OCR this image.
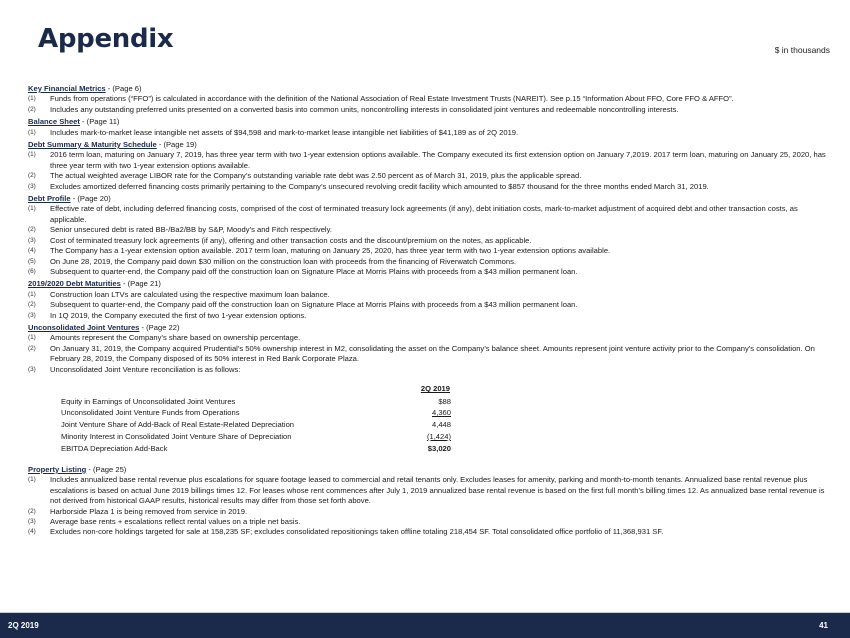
Appendix	$ in thousands
Key Financial Metrics - (Page 6)
(1)	Funds from operations (“FFO”) is calculated in accordance with the definition of the National Association of Real Estate Investment Trusts (NAREIT). See p.15 “Information About FFO, Core FFO & AFFO”.
(2)	Includes any outstanding preferred units presented on a converted basis into common units, noncontrolling interests in consolidated joint ventures and redeemable noncontrolling interests.
Balance Sheet - (Page 11)
(1)	Includes mark-to-market lease intangible net assets of $94,598 and mark-to-market lease intangible net liabilities of $41,189 as of 2Q 2019.
Debt Summary & Maturity Schedule - (Page 19)
(1)	2016 term loan, maturing on January 7, 2019, has three year term with two 1-year extension options available. The Company executed its first extension option on January 7,2019. 2017 term loan, maturing on January 25, 2020, has three year term with two 1-year extension options available.
(2)	The actual weighted average LIBOR rate for the Company’s outstanding variable rate debt was 2.50 percent as of March 31, 2019, plus the applicable spread.
(3)	Excludes amortized deferred financing costs primarily pertaining to the Company’s unsecured revolving credit facility which amounted to $857 thousand for the three months ended March 31, 2019.
Debt Profile - (Page 20)
(1)	Effective rate of debt, including deferred financing costs, comprised of the cost of terminated treasury lock agreements (if any), debt initiation costs, mark-to-market adjustment of acquired debt and other transaction costs, as applicable.
(2)	Senior unsecured debt is rated BB-/Ba2/BB by S&P, Moody’s and Fitch respectively.
(3)	Cost of terminated treasury lock agreements (if any), offering and other transaction costs and the discount/premium on the notes, as applicable.
(4)	The Company has a 1-year extension option available. 2017 term loan, maturing on January 25, 2020, has three year term with two 1-year extension options available.
(5)	On June 28, 2019, the Company paid down $30 million on the construction loan with proceeds from the financing of Riverwatch Commons.
(6)	Subsequent to quarter-end, the Company paid off the construction loan on Signature Place at Morris Plains with proceeds from a $43 million permanent loan.
2019/2020 Debt Maturities - (Page 21)
(1)	Construction loan LTVs are calculated using the respective maximum loan balance.
(2)	Subsequent to quarter-end, the Company paid off the construction loan on Signature Place at Morris Plains with proceeds from a $43 million permanent loan.
(3)	In 1Q 2019, the Company executed the first of two 1-year extension options.
Unconsolidated Joint Ventures - (Page 22)
(1)	Amounts represent the Company’s share based on ownership percentage.
(2)	On January 31, 2019, the Company acquired Prudential’s 50% ownership interest in M2, consolidating the asset on the Company’s balance sheet. Amounts represent joint venture activity prior to the Company’s consolidation. On February 28, 2019, the Company disposed of its 50% interest in Red Bank Corporate Plaza.
(3)	Unconsolidated Joint Venture reconciliation is as follows:
	2Q 2019
Equity in Earnings of Unconsolidated Joint Ventures	$88
Unconsolidated Joint Venture Funds from Operations	4,360
Joint Venture Share of Add-Back of Real Estate-Related Depreciation	4,448
Minority Interest in Consolidated Joint Venture Share of Depreciation	(1,424)
EBITDA Depreciation Add-Back	$3,020
Property Listing - (Page 25)
(1)	Includes annualized base rental revenue plus escalations for square footage leased to commercial and retail tenants only. Excludes leases for amenity, parking and month-to-month tenants. Annualized base rental revenue plus escalations is based on actual June 2019 billings times 12. For leases whose rent commences after July 1, 2019 annualized base rental revenue is based on the first full month’s billing times 12. As annualized base rental revenue is not derived from historical GAAP results, historical results may differ from those set forth above.
(2)	Harborside Plaza 1 is being removed from service in 2019.
(3)	Average base rents + escalations reflect rental values on a triple net basis.
(4)	Excludes non-core holdings targeted for sale at 158,235 SF; excludes consolidated repositionings taken offline totaling 218,454 SF. Total consolidated office portfolio of 11,368,931 SF.
2Q 2019	41
